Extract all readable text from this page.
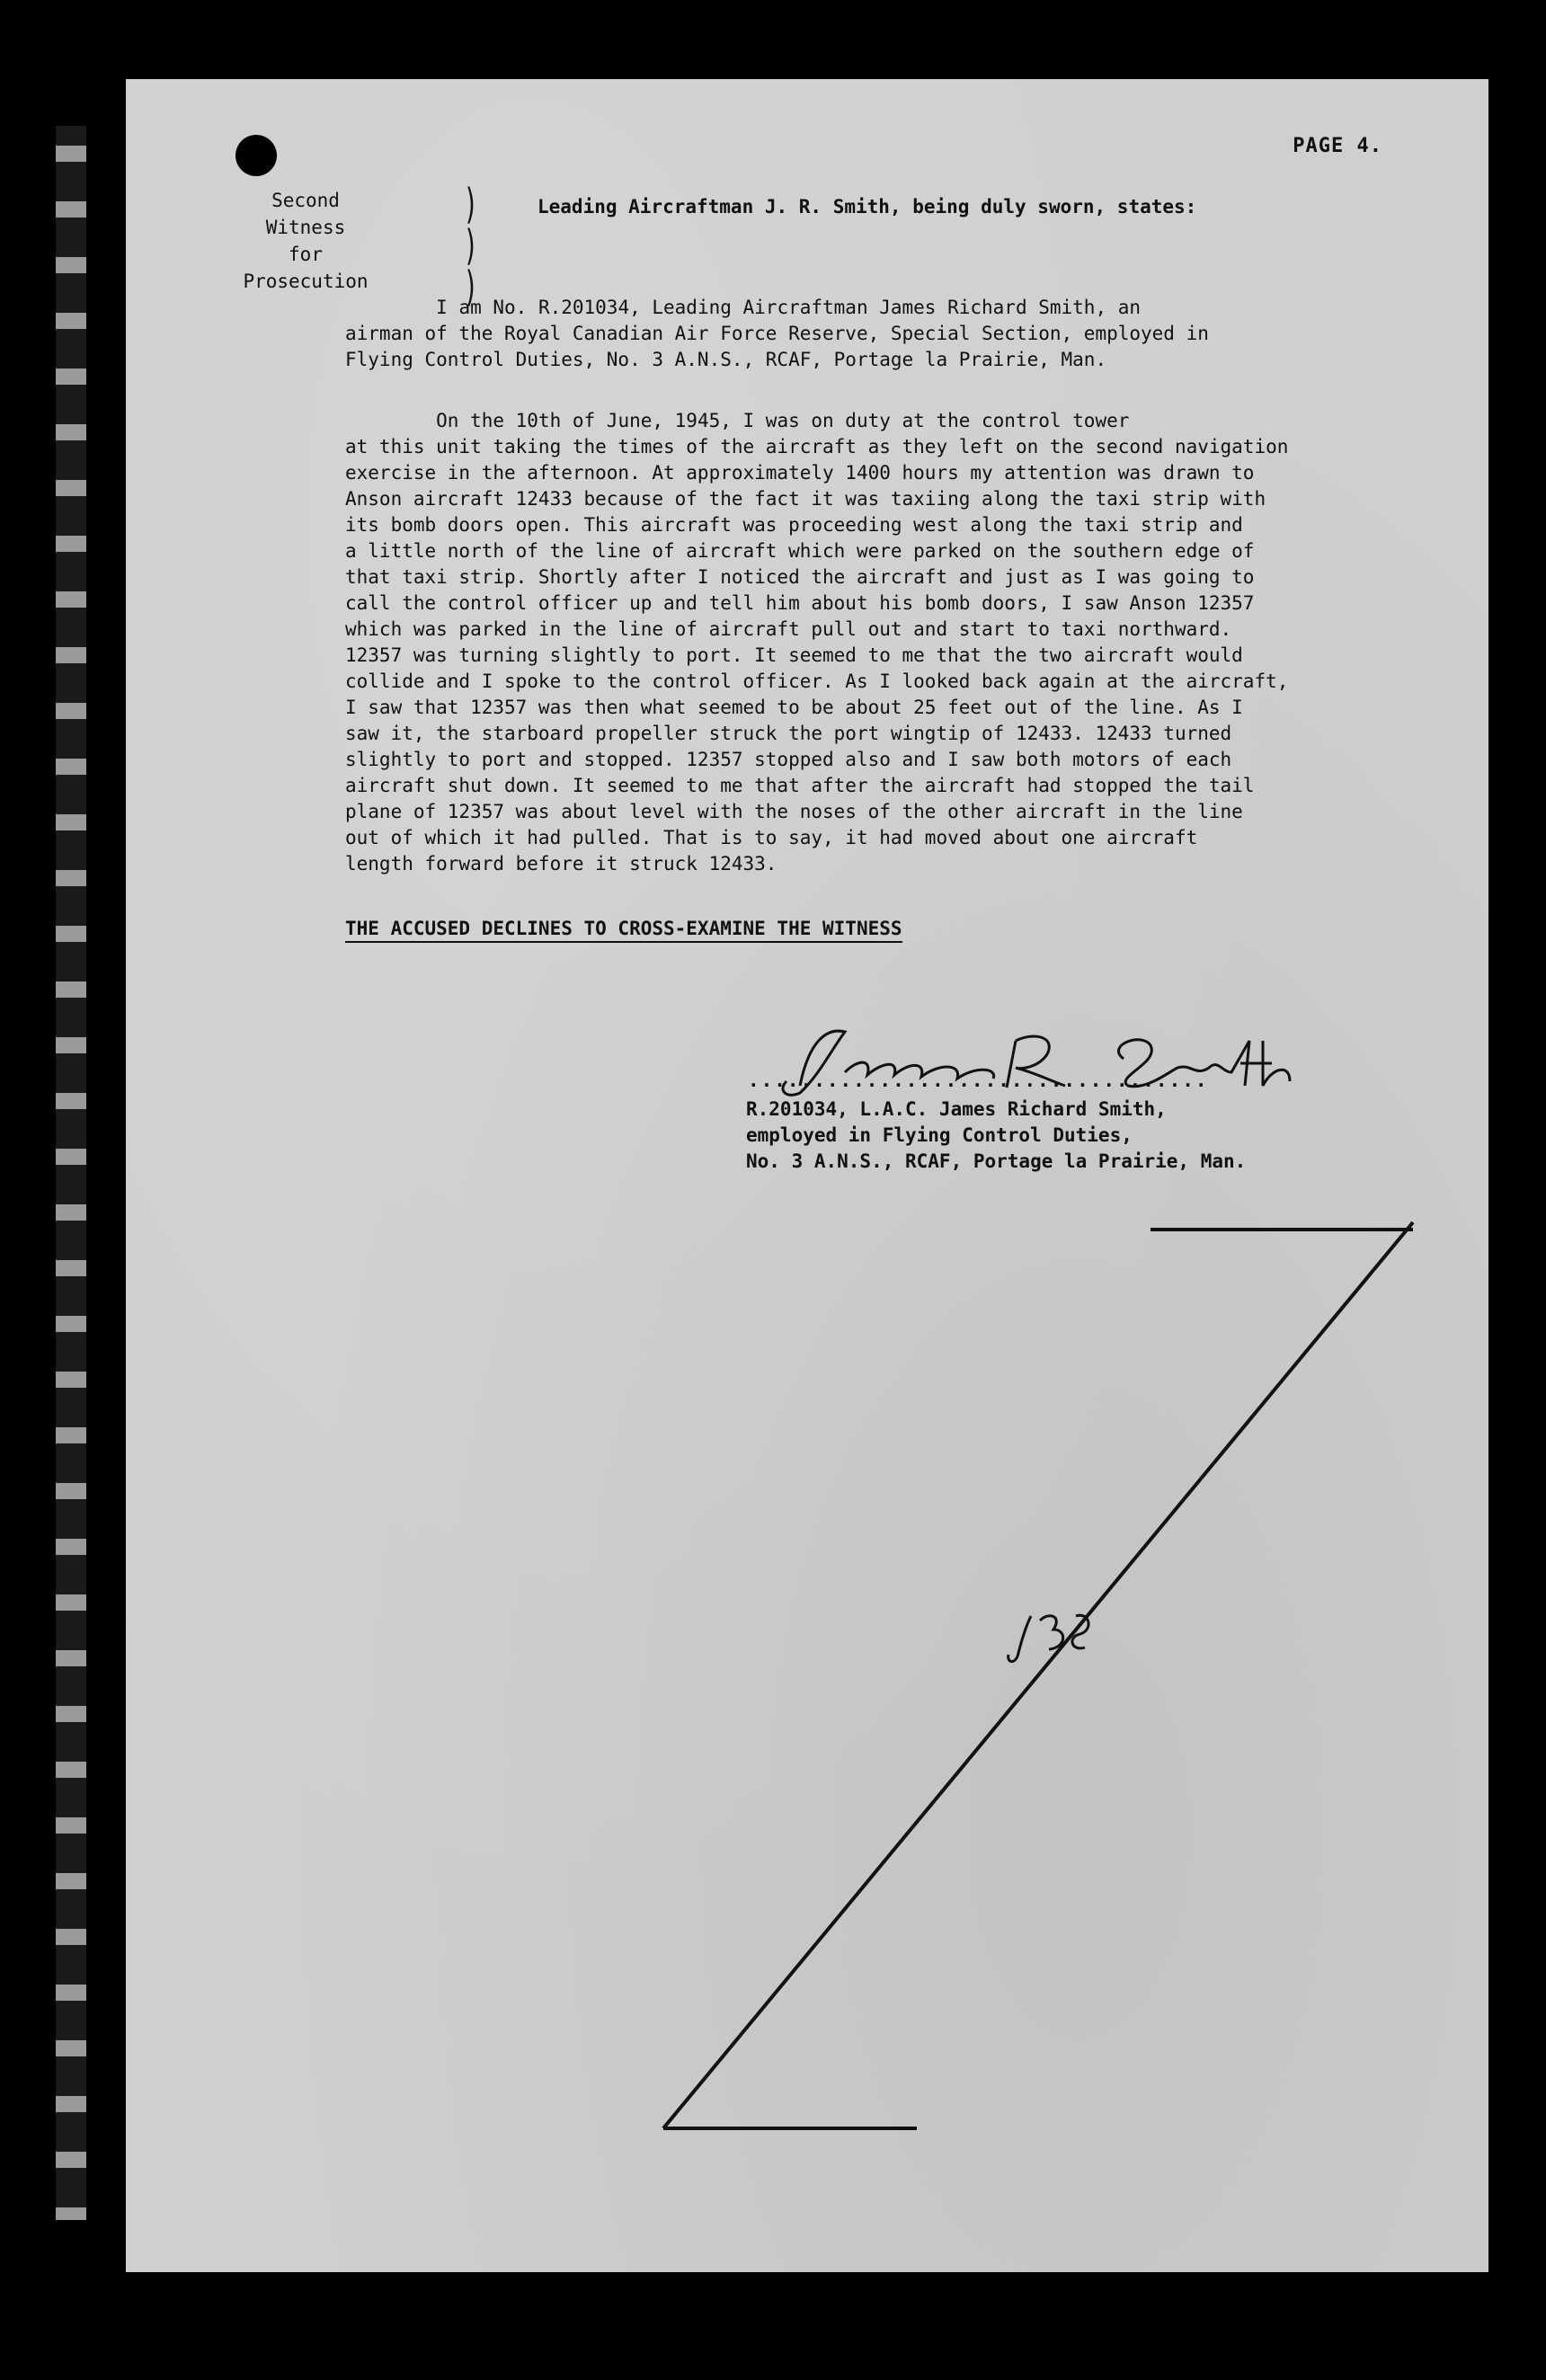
PAGE 4.
Second Witness
for
Prosecution
)
)
)
Leading Aircraftman J. R. Smith, being duly sworn, states:
I am No. R.201034, Leading Aircraftman James Richard Smith, an
airman of the Royal Canadian Air Force Reserve, Special Section, employed in
Flying Control Duties, No. 3 A.N.S., RCAF, Portage la Prairie, Man.
On the 10th of June, 1945, I was on duty at the control tower
at this unit taking the times of the aircraft as they left on the second navigation
exercise in the afternoon. At approximately 1400 hours my attention was drawn to
Anson aircraft 12433 because of the fact it was taxiing along the taxi strip with
its bomb doors open. This aircraft was proceeding west along the taxi strip and
a little north of the line of aircraft which were parked on the southern edge of
that taxi strip. Shortly after I noticed the aircraft and just as I was going to
call the control officer up and tell him about his bomb doors, I saw Anson 12357
which was parked in the line of aircraft pull out and start to taxi northward.
12357 was turning slightly to port. It seemed to me that the two aircraft would
collide and I spoke to the control officer. As I looked back again at the aircraft,
I saw that 12357 was then what seemed to be about 25 feet out of the line. As I
saw it, the starboard propeller struck the port wingtip of 12433. 12433 turned
slightly to port and stopped. 12357 stopped also and I saw both motors of each
aircraft shut down. It seemed to me that after the aircraft had stopped the tail
plane of 12357 was about level with the noses of the other aircraft in the line
out of which it had pulled. That is to say, it had moved about one aircraft
length forward before it struck 12433.
THE ACCUSED DECLINES TO CROSS-EXAMINE THE WITNESS
...................................
R.201034, L.A.C. James Richard Smith,
employed in Flying Control Duties,
No. 3 A.N.S., RCAF, Portage la Prairie, Man.
